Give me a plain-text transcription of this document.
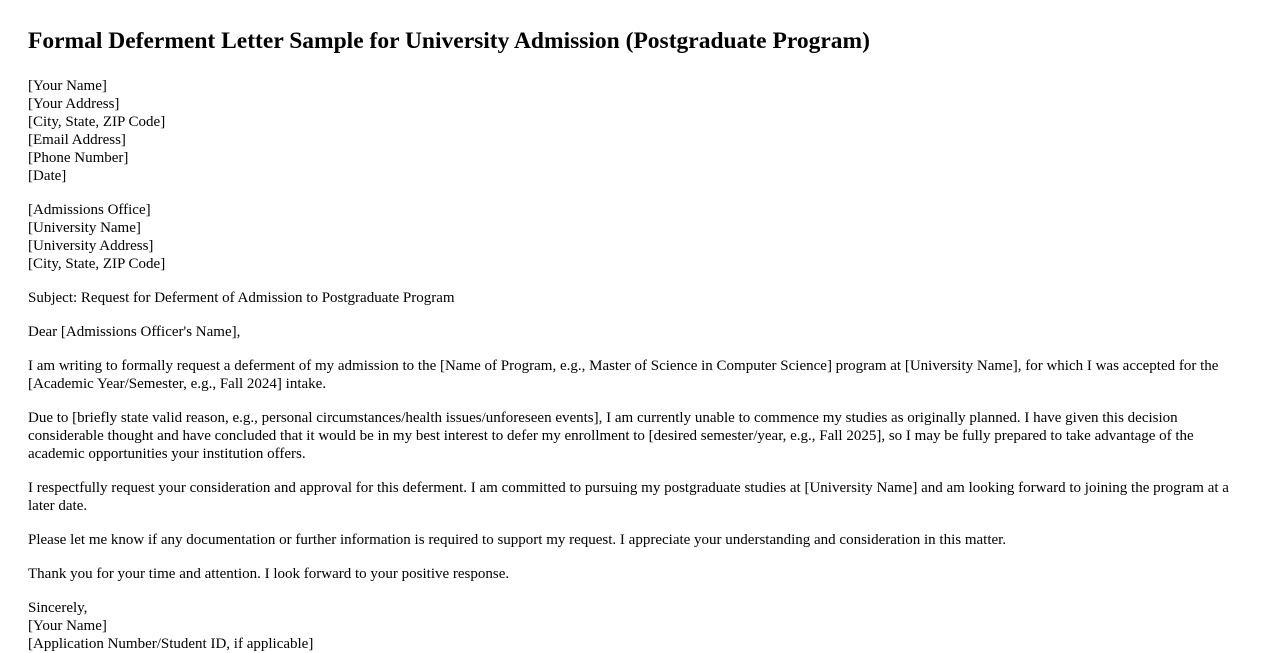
Formal Deferment Letter Sample for University Admission (Postgraduate Program)
[Your Name]
[Your Address]
[City, State, ZIP Code]
[Email Address]
[Phone Number]
[Date]
[Admissions Office]
[University Name]
[University Address]
[City, State, ZIP Code]

Subject: Request for Deferment of Admission to Postgraduate Program

Dear [Admissions Officer's Name],

I am writing to formally request a deferment of my admission to the [Name of Program, e.g., Master of Science in Computer Science] program at [University Name], for which I was accepted for the [Academic Year/Semester, e.g., Fall 2024] intake.

Due to [briefly state valid reason, e.g., personal circumstances/health issues/unforeseen events], I am currently unable to commence my studies as originally planned. I have given this decision considerable thought and have concluded that it would be in my best interest to defer my enrollment to [desired semester/year, e.g., Fall 2025], so I may be fully prepared to take advantage of the academic opportunities your institution offers.

I respectfully request your consideration and approval for this deferment. I am committed to pursuing my postgraduate studies at [University Name] and am looking forward to joining the program at a later date.

Please let me know if any documentation or further information is required to support my request. I appreciate your understanding and consideration in this matter.

Thank you for your time and attention. I look forward to your positive response.

Sincerely,
[Your Name]
[Application Number/Student ID, if applicable]
